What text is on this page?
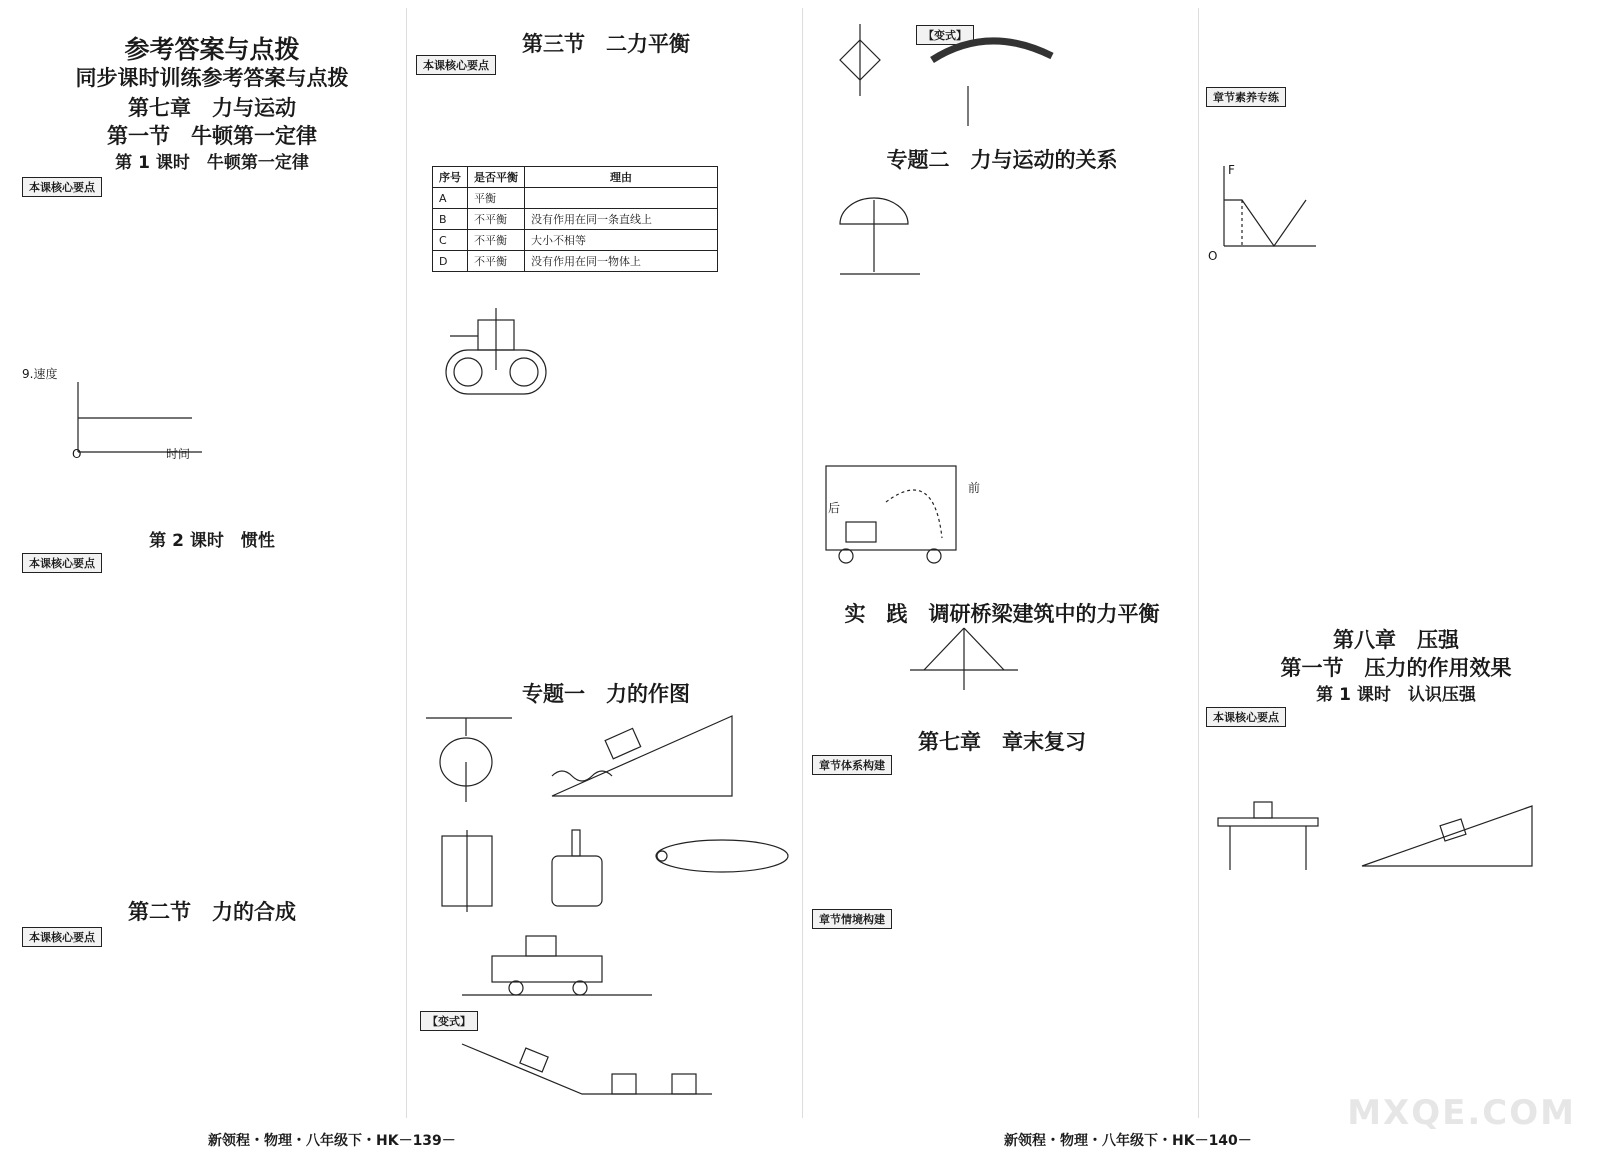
参考答案与点拨
同步课时训练参考答案与点拨
第七章　力与运动
第一节　牛顿第一定律
第 1 课时　牛顿第一定律
本课核心要点
9.速度
O	时间
第 2 课时　惯性
本课核心要点
第二节　力的合成
本课核心要点
第三节　二力平衡
本课核心要点
序号	是否平衡	理由
A	平衡	
B	不平衡	没有作用在同一条直线上
C	不平衡	大小不相等
D	不平衡	没有作用在同一物体上
专题一　力的作图
【变式】
【变式】
专题二　力与运动的关系
后
前
实　践　调研桥梁建筑中的力平衡
第七章　章末复习
章节体系构建
章节情境构建
章节素养专练
F
O
第八章　压强
第一节　压力的作用效果
第 1 课时　认识压强
本课核心要点
新领程・物理・八年级下・HK－140－
新领程・物理・八年级下・HK－139－
MXQE.COM
